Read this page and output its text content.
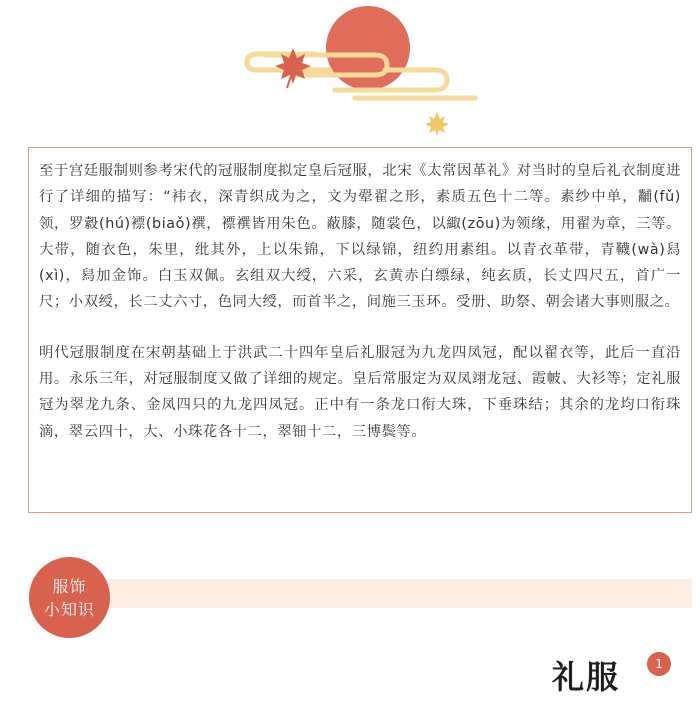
至于宫廷服制则参考宋代的冠服制度拟定皇后冠服，北宋《太常因革礼》对当时的皇后礼衣制度进行了详细的描写：“袆衣，深青织成为之，文为翚翟之形，素质五色十二等。素纱中单，黼(fǔ)领，罗縠(hú)褾(biaǒ)襈，褾襈皆用朱色。蔽膝，随裳色，以緅(zōu)为领缘，用翟为章，三等。大带，随衣色，朱里，纰其外，上以朱锦，下以绿锦，纽约用素组。以青衣革带，青韈(wà)舄(xì)，舄加金饰。白玉双佩。玄组双大绶，六采，玄黄赤白缥绿，纯玄质，长丈四尺五，首广一尺；小双绶，长二丈六寸，色同大绶，而首半之，间施三玉环。受册、助祭、朝会诸大事则服之。

明代冠服制度在宋朝基础上于洪武二十四年皇后礼服冠为九龙四凤冠，配以翟衣等，此后一直沿用。永乐三年，对冠服制度又做了详细的规定。皇后常服定为双凤翊龙冠、霞帔、大衫等；定礼服冠为翠龙九条、金凤四只的九龙四凤冠。正中有一条龙口衔大珠，下垂珠结；其余的龙均口衔珠滴，翠云四十，大、小珠花各十二，翠钿十二，三博鬓等。

服饰
小知识
礼服	1
